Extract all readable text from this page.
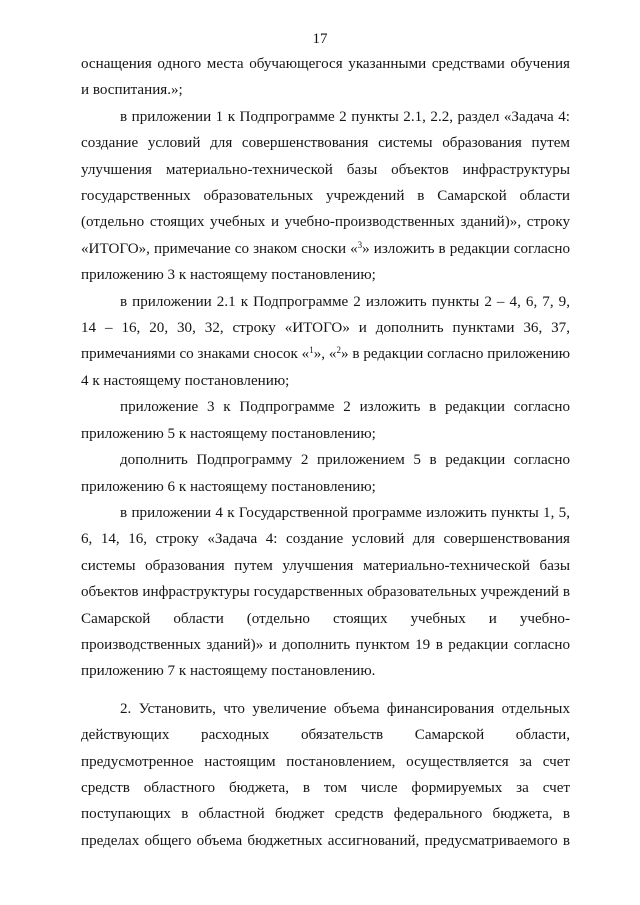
17

оснащения одного места обучающегося указанными средствами обучения и воспитания.»;

в приложении 1 к Подпрограмме 2 пункты 2.1, 2.2, раздел «Задача 4: создание условий для совершенствования системы образования путем улучшения материально-технической базы объектов инфраструктуры государственных образовательных учреждений в Самарской области (отдельно стоящих учебных и учебно-производственных зданий)», строку «ИТОГО», примечание со знаком сноски «$^3$» изложить в редакции согласно приложению 3 к настоящему постановлению;

в приложении 2.1 к Подпрограмме 2 изложить пункты 2 – 4, 6, 7, 9, 14 – 16, 20, 30, 32, строку «ИТОГО» и дополнить пунктами 36, 37, примечаниями со знаками сносок «$^1$», «$^2$» в редакции согласно приложению 4 к настоящему постановлению;

приложение 3 к Подпрограмме 2 изложить в редакции согласно приложению 5 к настоящему постановлению;

дополнить Подпрограмму 2 приложением 5 в редакции согласно приложению 6 к настоящему постановлению;

в приложении 4 к Государственной программе изложить пункты 1, 5, 6, 14, 16, строку «Задача 4: создание условий для совершенствования системы образования путем улучшения материально-технической базы объектов инфраструктуры государственных образовательных учреждений в Самарской области (отдельно стоящих учебных и учебно-производственных зданий)» и дополнить пунктом 19 в редакции согласно приложению 7 к настоящему постановлению.

2. Установить, что увеличение объема финансирования отдельных действующих расходных обязательств Самарской области, предусмотренное настоящим постановлением, осуществляется за счет средств областного бюджета, в том числе формируемых за счет поступающих в областной бюджет средств федерального бюджета, в пределах общего объема бюджетных ассигнований, предусматриваемого в
